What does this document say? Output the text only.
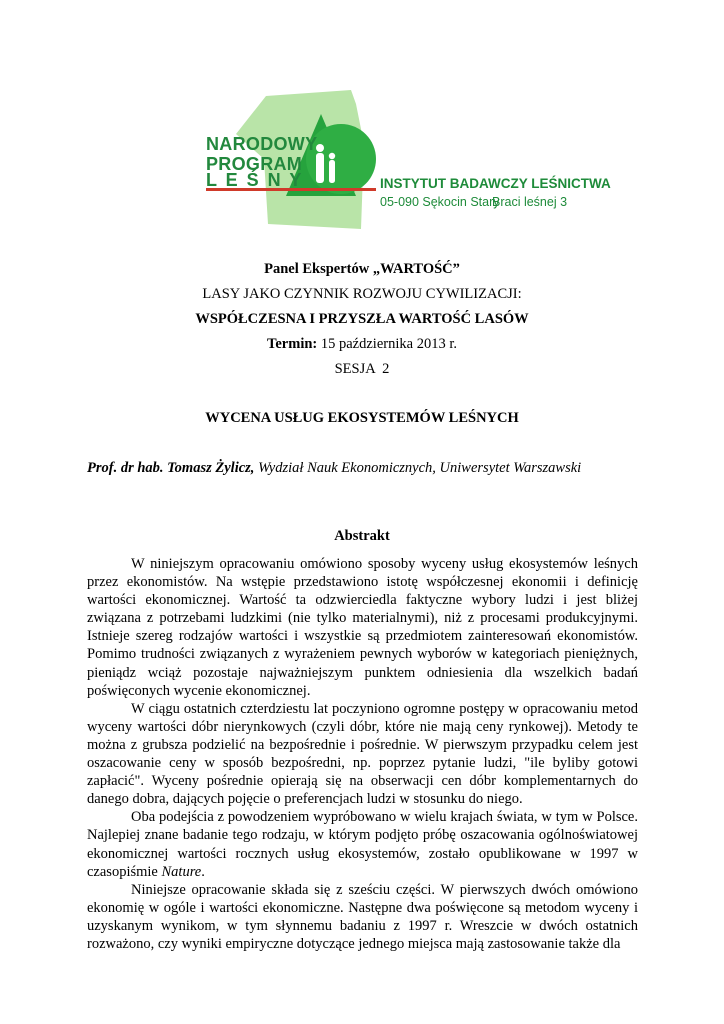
NARODOWY
PROGRAM
L E Ś N Y	INSTYTUT BADAWCZY LEŚNICTWA
05-090 Sękocin Stary
Braci leśnej 3
Panel Ekspertów „WARTOŚĆ”
LASY JAKO CZYNNIK ROZWOJU CYWILIZACJI:
WSPÓŁCZESNA I PRZYSZŁA WARTOŚĆ LASÓW
Termin: 15 października 2013 r.
SESJA  2
WYCENA USŁUG EKOSYSTEMÓW LEŚNYCH
Prof. dr hab. Tomasz Żylicz, Wydział Nauk Ekonomicznych, Uniwersytet Warszawski
Abstrakt

W niniejszym opracowaniu omówiono sposoby wyceny usług ekosystemów leśnych przez ekonomistów. Na wstępie przedstawiono istotę współczesnej ekonomii i definicję wartości ekonomicznej. Wartość ta odzwierciedla faktyczne wybory ludzi i jest bliżej związana z potrzebami ludzkimi (nie tylko materialnymi), niż z procesami produkcyjnymi. Istnieje szereg rodzajów wartości i wszystkie są przedmiotem zainteresowań ekonomistów. Pomimo trudności związanych z wyrażeniem pewnych wyborów w kategoriach pieniężnych, pieniądz wciąż pozostaje najważniejszym punktem odniesienia dla wszelkich badań poświęconych wycenie ekonomicznej.

W ciągu ostatnich czterdziestu lat poczyniono ogromne postępy w opracowaniu metod wyceny wartości dóbr nierynkowych (czyli dóbr, które nie mają ceny rynkowej). Metody te można z grubsza podzielić na bezpośrednie i pośrednie. W pierwszym przypadku celem jest oszacowanie ceny w sposób bezpośredni, np. poprzez pytanie ludzi, "ile byliby gotowi zapłacić". Wyceny pośrednie opierają się na obserwacji cen dóbr komplementarnych do danego dobra, dających pojęcie o preferencjach ludzi w stosunku do niego.

Oba podejścia z powodzeniem wypróbowano w wielu krajach świata, w tym w Polsce. Najlepiej znane badanie tego rodzaju, w którym podjęto próbę oszacowania ogólnoświatowej ekonomicznej wartości rocznych usług ekosystemów, zostało opublikowane w 1997 w czasopiśmie Nature.

Niniejsze opracowanie składa się z sześciu części. W pierwszych dwóch omówiono ekonomię w ogóle i wartości ekonomiczne. Następne dwa poświęcone są metodom wyceny i uzyskanym wynikom, w tym słynnemu badaniu z 1997 r. Wreszcie w dwóch ostatnich rozważono, czy wyniki empiryczne dotyczące jednego miejsca mają zastosowanie także dla
